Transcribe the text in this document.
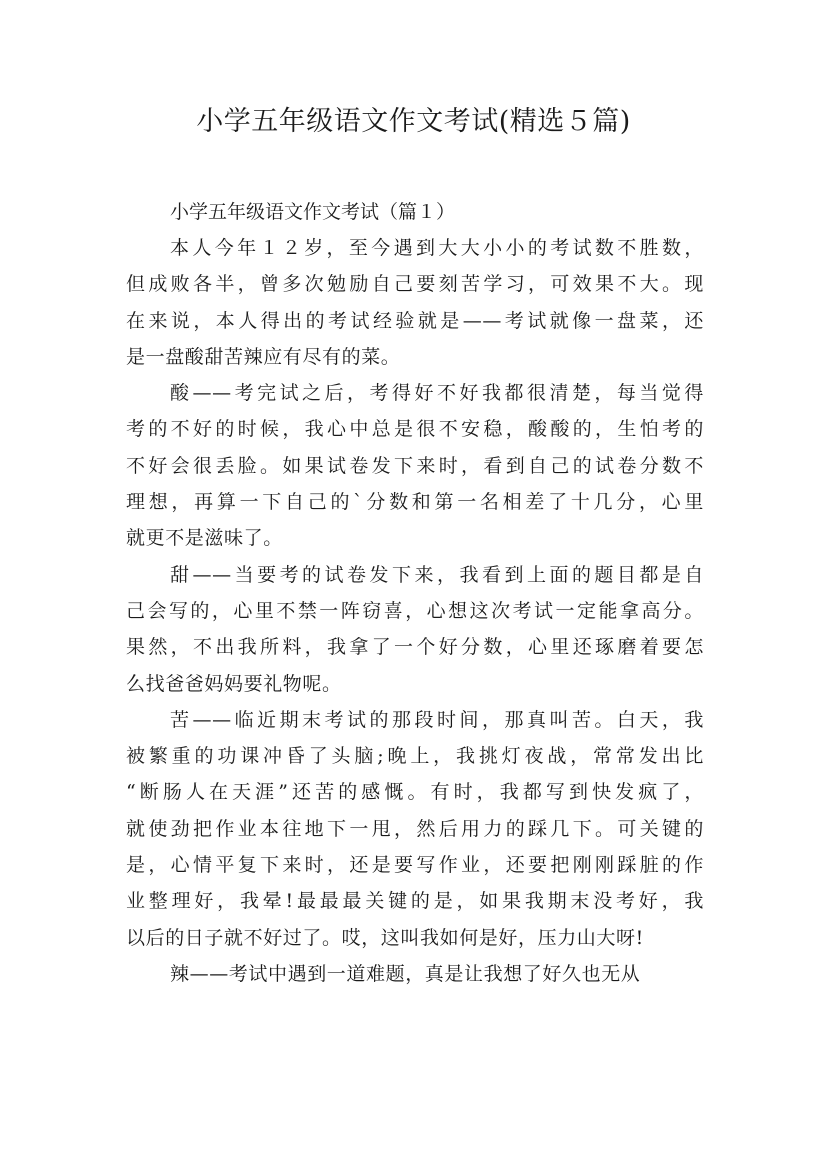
小学五年级语文作文考试(精选５篇)

小学五年级语文作文考试（篇１）

本人今年１２岁，至今遇到大大小小的考试数不胜数，
但成败各半，曾多次勉励自己要刻苦学习，可效果不大。现
在来说，本人得出的考试经验就是——考试就像一盘菜，还
是一盘酸甜苦辣应有尽有的菜。
酸——考完试之后，考得好不好我都很清楚，每当觉得
考的不好的时候，我心中总是很不安稳，酸酸的，生怕考的
不好会很丢脸。如果试卷发下来时，看到自己的试卷分数不
理想，再算一下自己的`分数和第一名相差了十几分，心里
就更不是滋味了。
甜——当要考的试卷发下来，我看到上面的题目都是自
己会写的，心里不禁一阵窃喜，心想这次考试一定能拿高分。
果然，不出我所料，我拿了一个好分数，心里还琢磨着要怎
么找爸爸妈妈要礼物呢。
苦——临近期末考试的那段时间，那真叫苦。白天，我
被繁重的功课冲昏了头脑;晚上，我挑灯夜战，常常发出比
“断肠人在天涯”还苦的感慨。有时，我都写到快发疯了，
就使劲把作业本往地下一甩，然后用力的踩几下。可关键的
是，心情平复下来时，还是要写作业，还要把刚刚踩脏的作
业整理好，我晕!最最最关键的是，如果我期末没考好，我
以后的日子就不好过了。哎，这叫我如何是好，压力山大呀!
辣——考试中遇到一道难题，真是让我想了好久也无从
